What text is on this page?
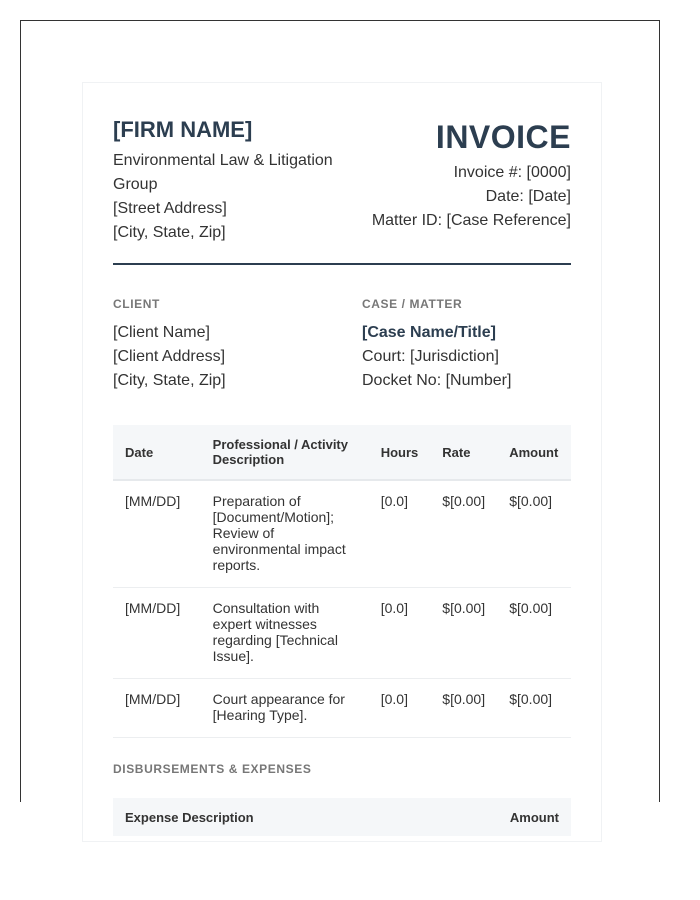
[FIRM NAME]
Environmental Law & Litigation Group
[Street Address]
[City, State, Zip]
INVOICE
Invoice #: [0000]
Date: [Date]
Matter ID: [Case Reference]
CLIENT
[Client Name]
[Client Address]
[City, State, Zip]
CASE / MATTER
[Case Name/Title]
Court: [Jurisdiction]
Docket No: [Number]
Date	Professional / Activity Description	Hours	Rate	Amount
[MM/DD]	Preparation of [Document/Motion]; Review of environmental impact reports.	[0.0]	$[0.00]	$[0.00]
[MM/DD]	Consultation with expert witnesses regarding [Technical Issue].	[0.0]	$[0.00]	$[0.00]
[MM/DD]	Court appearance for [Hearing Type].	[0.0]	$[0.00]	$[0.00]
DISBURSEMENTS & EXPENSES
Expense Description	Amount
